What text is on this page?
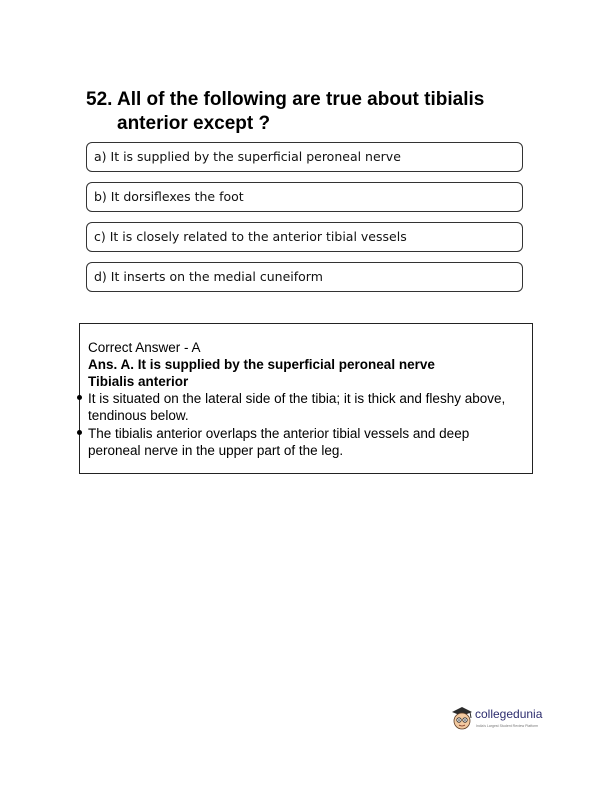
52. All of the following are true about tibialis anterior except ?
a) It is supplied by the superficial peroneal nerve
b) It dorsiflexes the foot
c) It is closely related to the anterior tibial vessels
d) It inserts on the medial cuneiform
Correct Answer - A
Ans. A. It is supplied by the superficial peroneal nerve
Tibialis anterior
It is situated on the lateral side of the tibia; it is thick and fleshy above, tendinous below.
The tibialis anterior overlaps the anterior tibial vessels and deep peroneal nerve in the upper part of the leg.
collegedunia
India's Largest Student Review Platform
